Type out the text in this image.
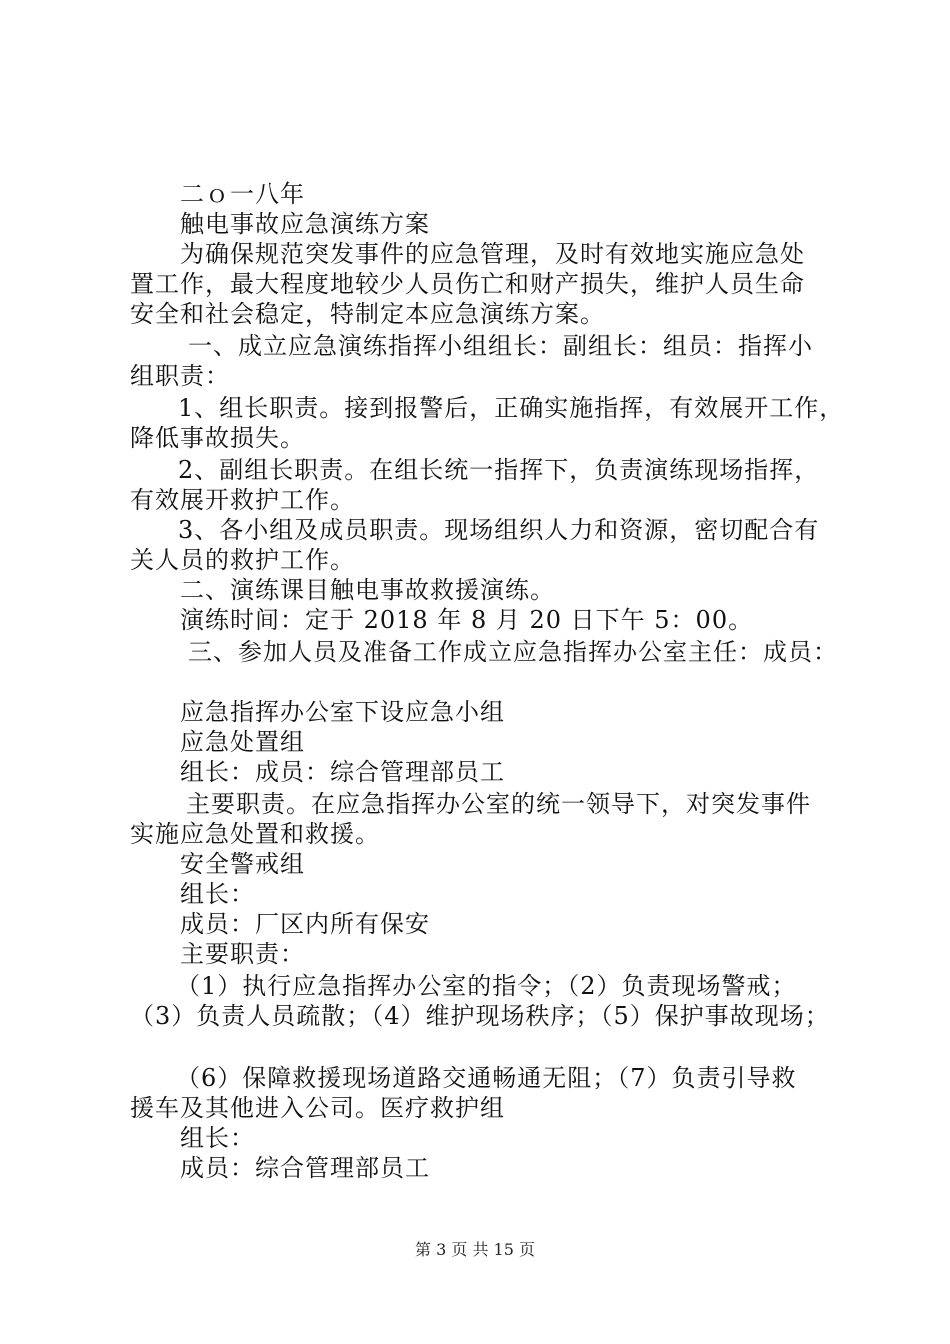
二ｏ一八年
触电事故应急演练方案
为确保规范突发事件的应急管理，及时有效地实施应急处
置工作，最大程度地较少人员伤亡和财产损失，维护人员生命
安全和社会稳定，特制定本应急演练方案。
一、成立应急演练指挥小组组长：副组长：组员：指挥小
组职责：
1、组长职责。接到报警后，正确实施指挥，有效展开工作，
降低事故损失。
2、副组长职责。在组长统一指挥下，负责演练现场指挥，
有效展开救护工作。
3、各小组及成员职责。现场组织人力和资源，密切配合有
关人员的救护工作。
二、演练课目触电事故救援演练。
演练时间：定于 2018 年 8 月 20 日下午 5：00。
三、参加人员及准备工作成立应急指挥办公室主任：成员：
应急指挥办公室下设应急小组
应急处置组
组长：成员：综合管理部员工
主要职责。在应急指挥办公室的统一领导下，对突发事件
实施应急处置和救援。
安全警戒组
组长：
成员：厂区内所有保安
主要职责：
（1）执行应急指挥办公室的指令；（2）负责现场警戒；
（3）负责人员疏散；（4）维护现场秩序；（5）保护事故现场；
（6）保障救援现场道路交通畅通无阻；（7）负责引导救
援车及其他进入公司。医疗救护组
组长：
成员：综合管理部员工
第 3 页 共 15 页
